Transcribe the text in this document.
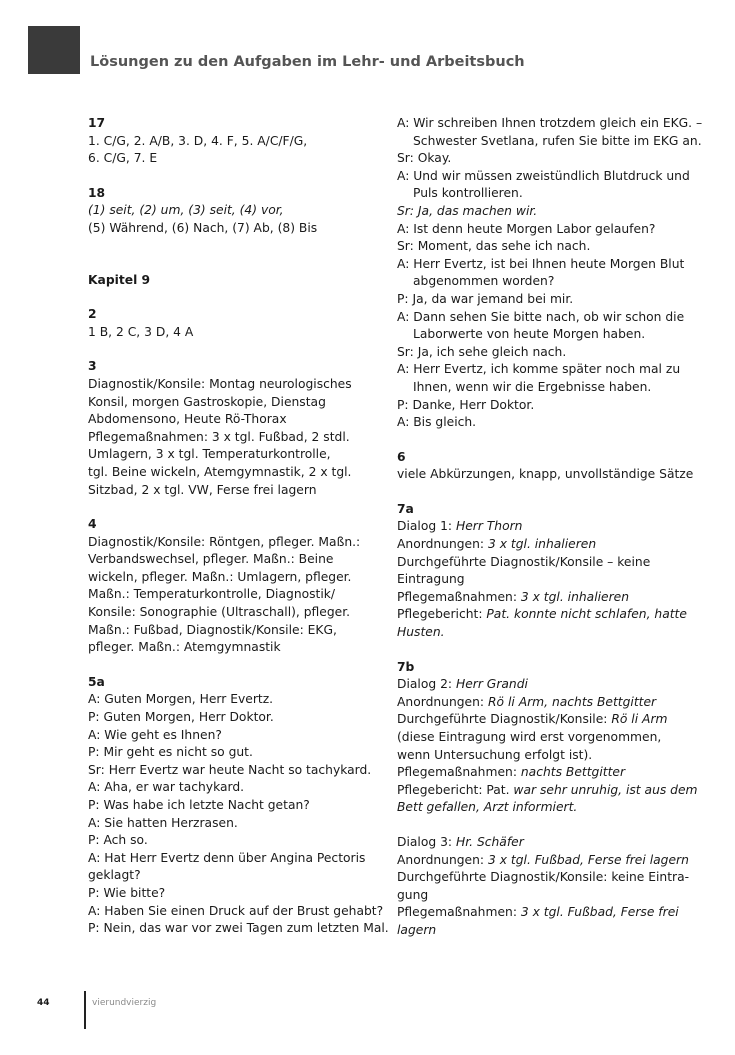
Lösungen zu den Aufgaben im Lehr- und Arbeitsbuch
17
1. C/G, 2. A/B, 3. D, 4. F, 5. A/C/F/G,
6. C/G, 7. E
18
(1) seit, (2) um, (3) seit, (4) vor,
(5) Während, (6) Nach, (7) Ab, (8) Bis
Kapitel 9
2
1 B, 2 C, 3 D, 4 A
3
Diagnostik/Konsile: Montag neurologisches
Konsil, morgen Gastroskopie, Dienstag
Abdomensono, Heute Rö-Thorax
Pflegemaßnahmen: 3 x tgl. Fußbad, 2 stdl.
Umlagern, 3 x tgl. Temperaturkontrolle,
tgl. Beine wickeln, Atemgymnastik, 2 x tgl.
Sitzbad, 2 x tgl. VW, Ferse frei lagern
4
Diagnostik/Konsile: Röntgen, pfleger. Maßn.:
Verbandswechsel, pfleger. Maßn.: Beine
wickeln, pfleger. Maßn.: Umlagern, pfleger.
Maßn.: Temperaturkontrolle, Diagnostik/
Konsile: Sonographie (Ultraschall), pfleger.
Maßn.: Fußbad, Diagnostik/Konsile: EKG,
pfleger. Maßn.: Atemgymnastik
5a
A: Guten Morgen, Herr Evertz.
P: Guten Morgen, Herr Doktor.
A: Wie geht es Ihnen?
P: Mir geht es nicht so gut.
Sr: Herr Evertz war heute Nacht so tachykard.
A: Aha, er war tachykard.
P: Was habe ich letzte Nacht getan?
A: Sie hatten Herzrasen.
P: Ach so.
A: Hat Herr Evertz denn über Angina Pectoris
geklagt?
P: Wie bitte?
A: Haben Sie einen Druck auf der Brust gehabt?
P: Nein, das war vor zwei Tagen zum letzten Mal.
A: Wir schreiben Ihnen trotzdem gleich ein EKG. –
Schwester Svetlana, rufen Sie bitte im EKG an.
Sr: Okay.
A: Und wir müssen zweistündlich Blutdruck und
Puls kontrollieren.
Sr: Ja, das machen wir.
A: Ist denn heute Morgen Labor gelaufen?
Sr: Moment, das sehe ich nach.
A: Herr Evertz, ist bei Ihnen heute Morgen Blut
abgenommen worden?
P: Ja, da war jemand bei mir.
A: Dann sehen Sie bitte nach, ob wir schon die
Laborwerte von heute Morgen haben.
Sr: Ja, ich sehe gleich nach.
A: Herr Evertz, ich komme später noch mal zu
Ihnen, wenn wir die Ergebnisse haben.
P: Danke, Herr Doktor.
A: Bis gleich.
6
viele Abkürzungen, knapp, unvollständige Sätze
7a
Dialog 1: Herr Thorn
Anordnungen: 3 x tgl. inhalieren
Durchgeführte Diagnostik/Konsile – keine
Eintragung
Pflegemaßnahmen: 3 x tgl. inhalieren
Pflegebericht: Pat. konnte nicht schlafen, hatte
Husten.
7b
Dialog 2: Herr Grandi
Anordnungen: Rö li Arm, nachts Bettgitter
Durchgeführte Diagnostik/Konsile: Rö li Arm
(diese Eintragung wird erst vorgenommen,
wenn Untersuchung erfolgt ist).
Pflegemaßnahmen: nachts Bettgitter
Pflegebericht: Pat. war sehr unruhig, ist aus dem
Bett gefallen, Arzt informiert.
Dialog 3: Hr. Schäfer
Anordnungen: 3 x tgl. Fußbad, Ferse frei lagern
Durchgeführte Diagnostik/Konsile: keine Eintra-
gung
Pflegemaßnahmen: 3 x tgl. Fußbad, Ferse frei
lagern
44	vierundvierzig
